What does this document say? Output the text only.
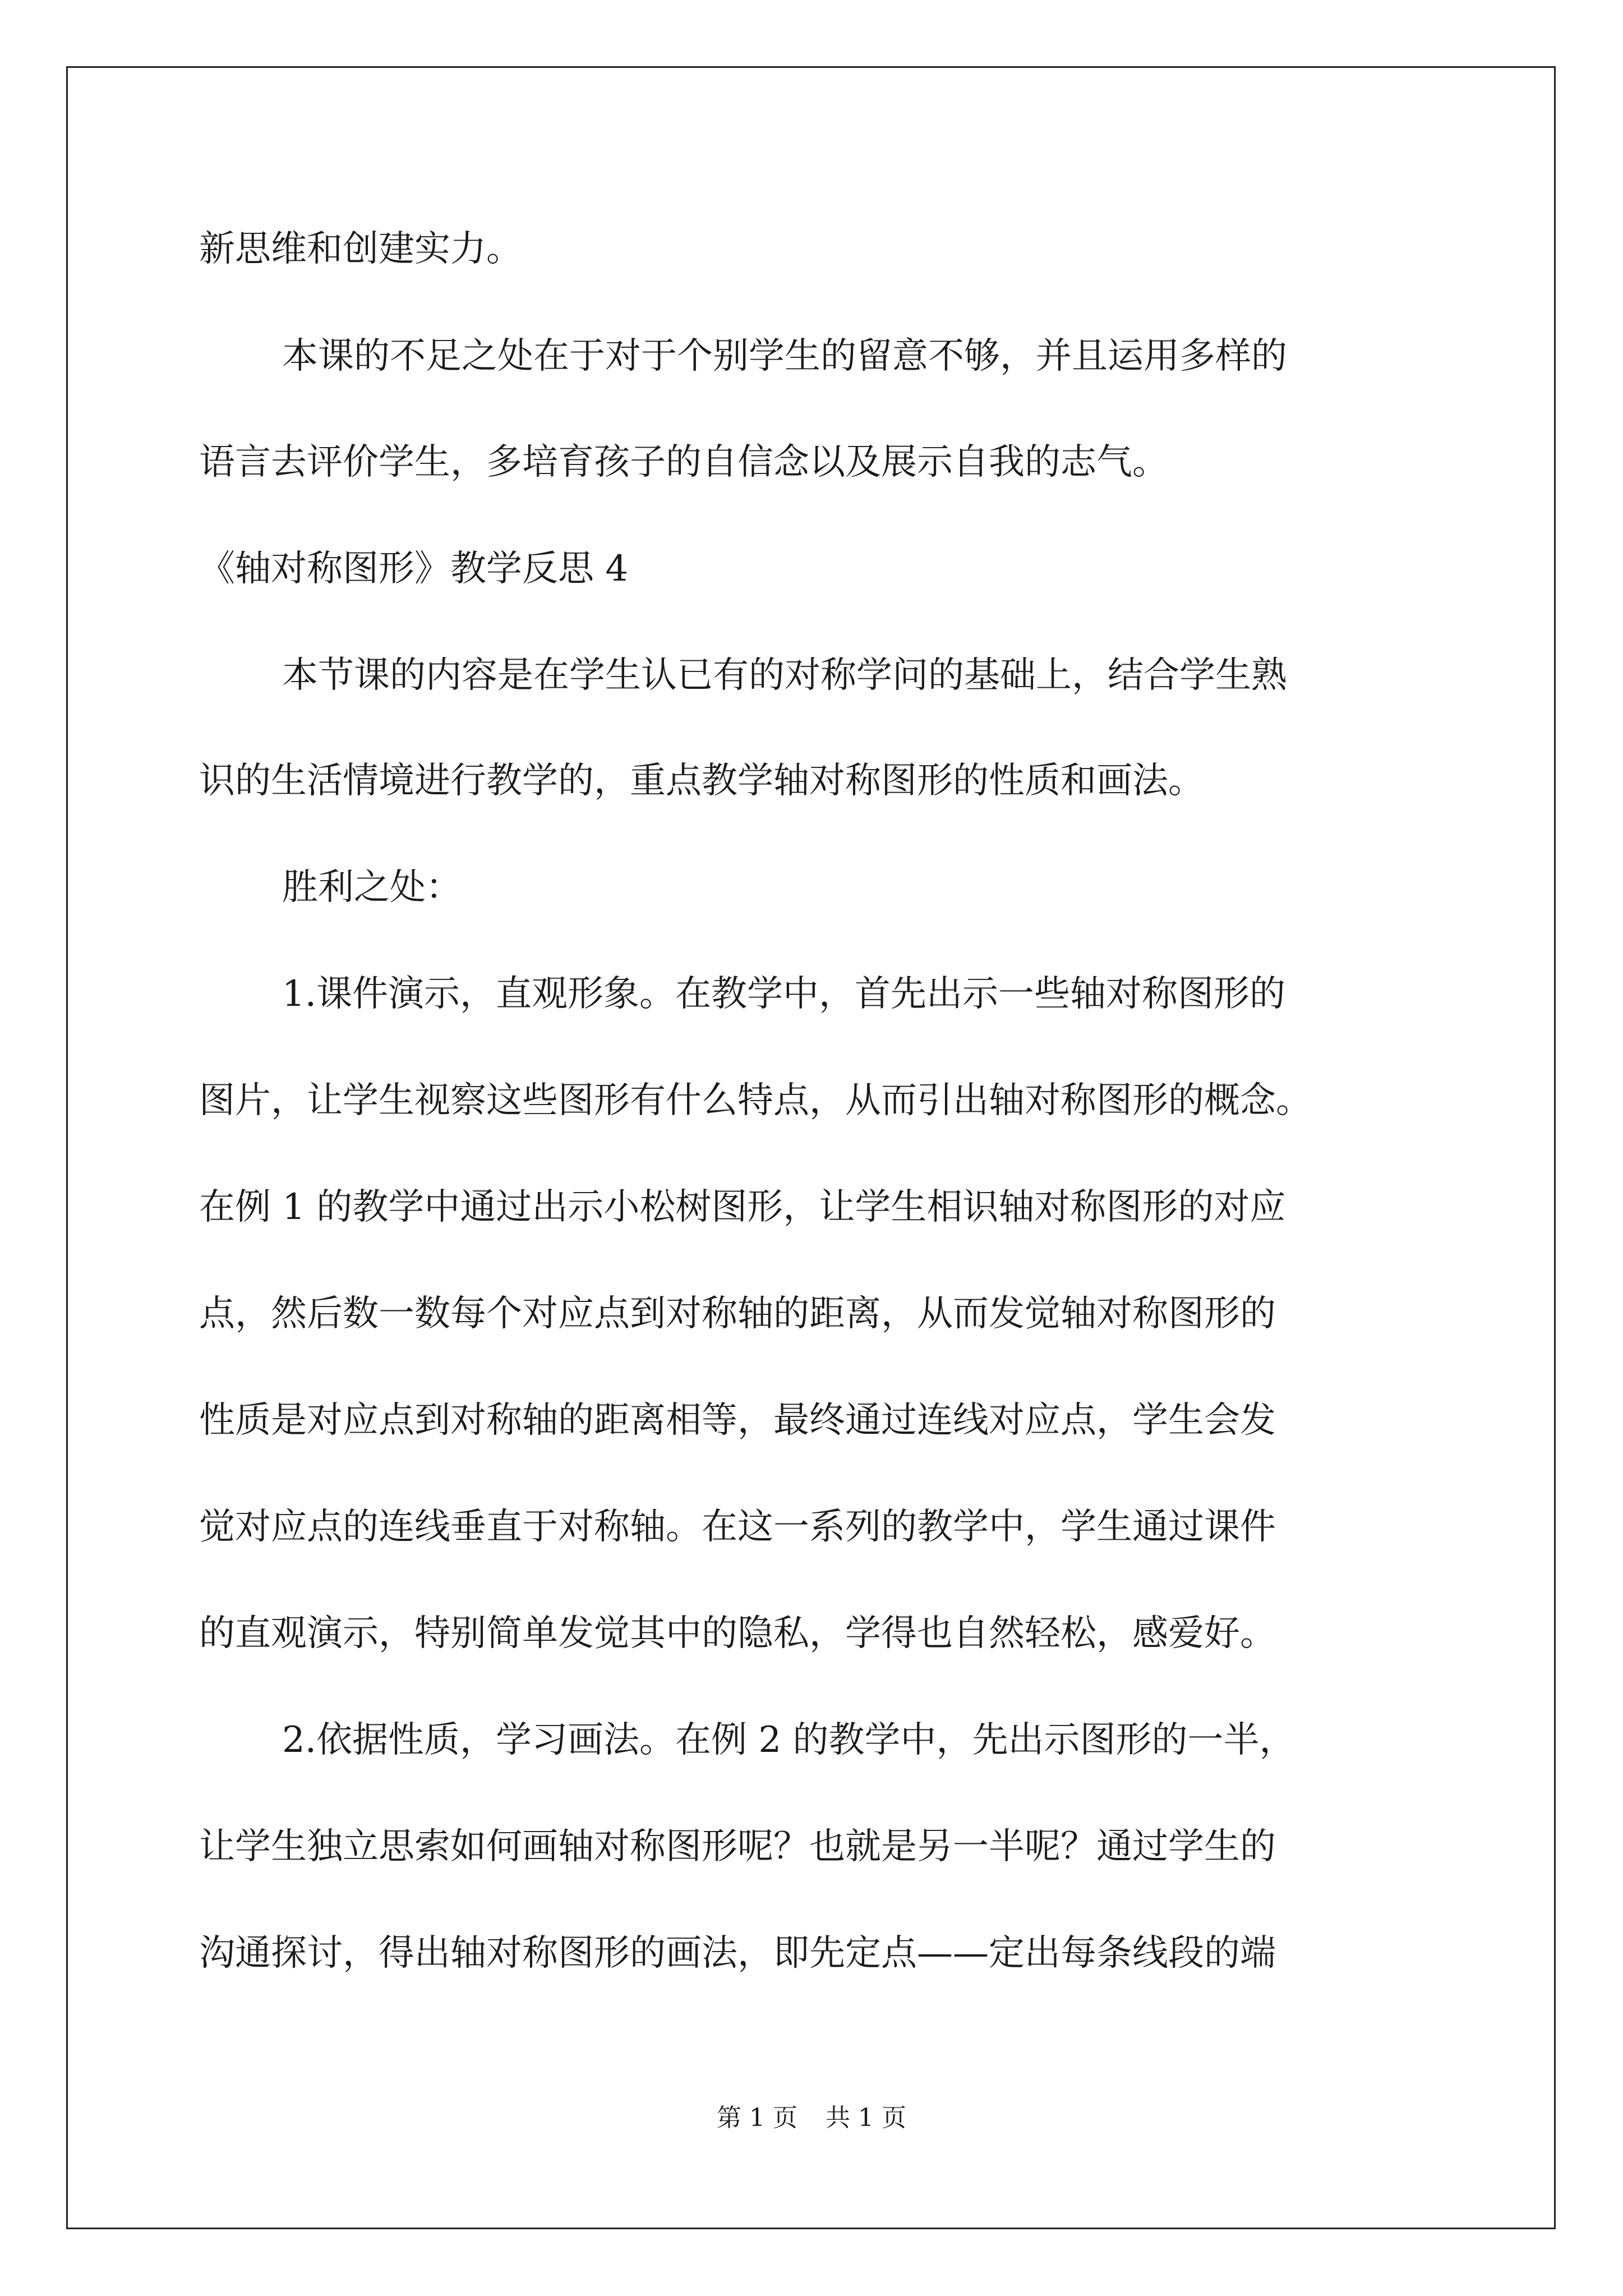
新思维和创建实力。
本课的不足之处在于对于个别学生的留意不够，并且运用多样的
语言去评价学生，多培育孩子的自信念以及展示自我的志气。
《轴对称图形》教学反思 4
本节课的内容是在学生认已有的对称学问的基础上，结合学生熟
识的生活情境进行教学的，重点教学轴对称图形的性质和画法。
胜利之处：
1.课件演示，直观形象。在教学中，首先出示一些轴对称图形的
图片，让学生视察这些图形有什么特点，从而引出轴对称图形的概念。
在例 1 的教学中通过出示小松树图形，让学生相识轴对称图形的对应
点，然后数一数每个对应点到对称轴的距离，从而发觉轴对称图形的
性质是对应点到对称轴的距离相等，最终通过连线对应点，学生会发
觉对应点的连线垂直于对称轴。在这一系列的教学中，学生通过课件
的直观演示，特别简单发觉其中的隐私，学得也自然轻松，感爱好。
2.依据性质，学习画法。在例 2 的教学中，先出示图形的一半，
让学生独立思索如何画轴对称图形呢？也就是另一半呢？通过学生的
沟通探讨，得出轴对称图形的画法，即先定点——定出每条线段的端
第 1 页 共 1 页
